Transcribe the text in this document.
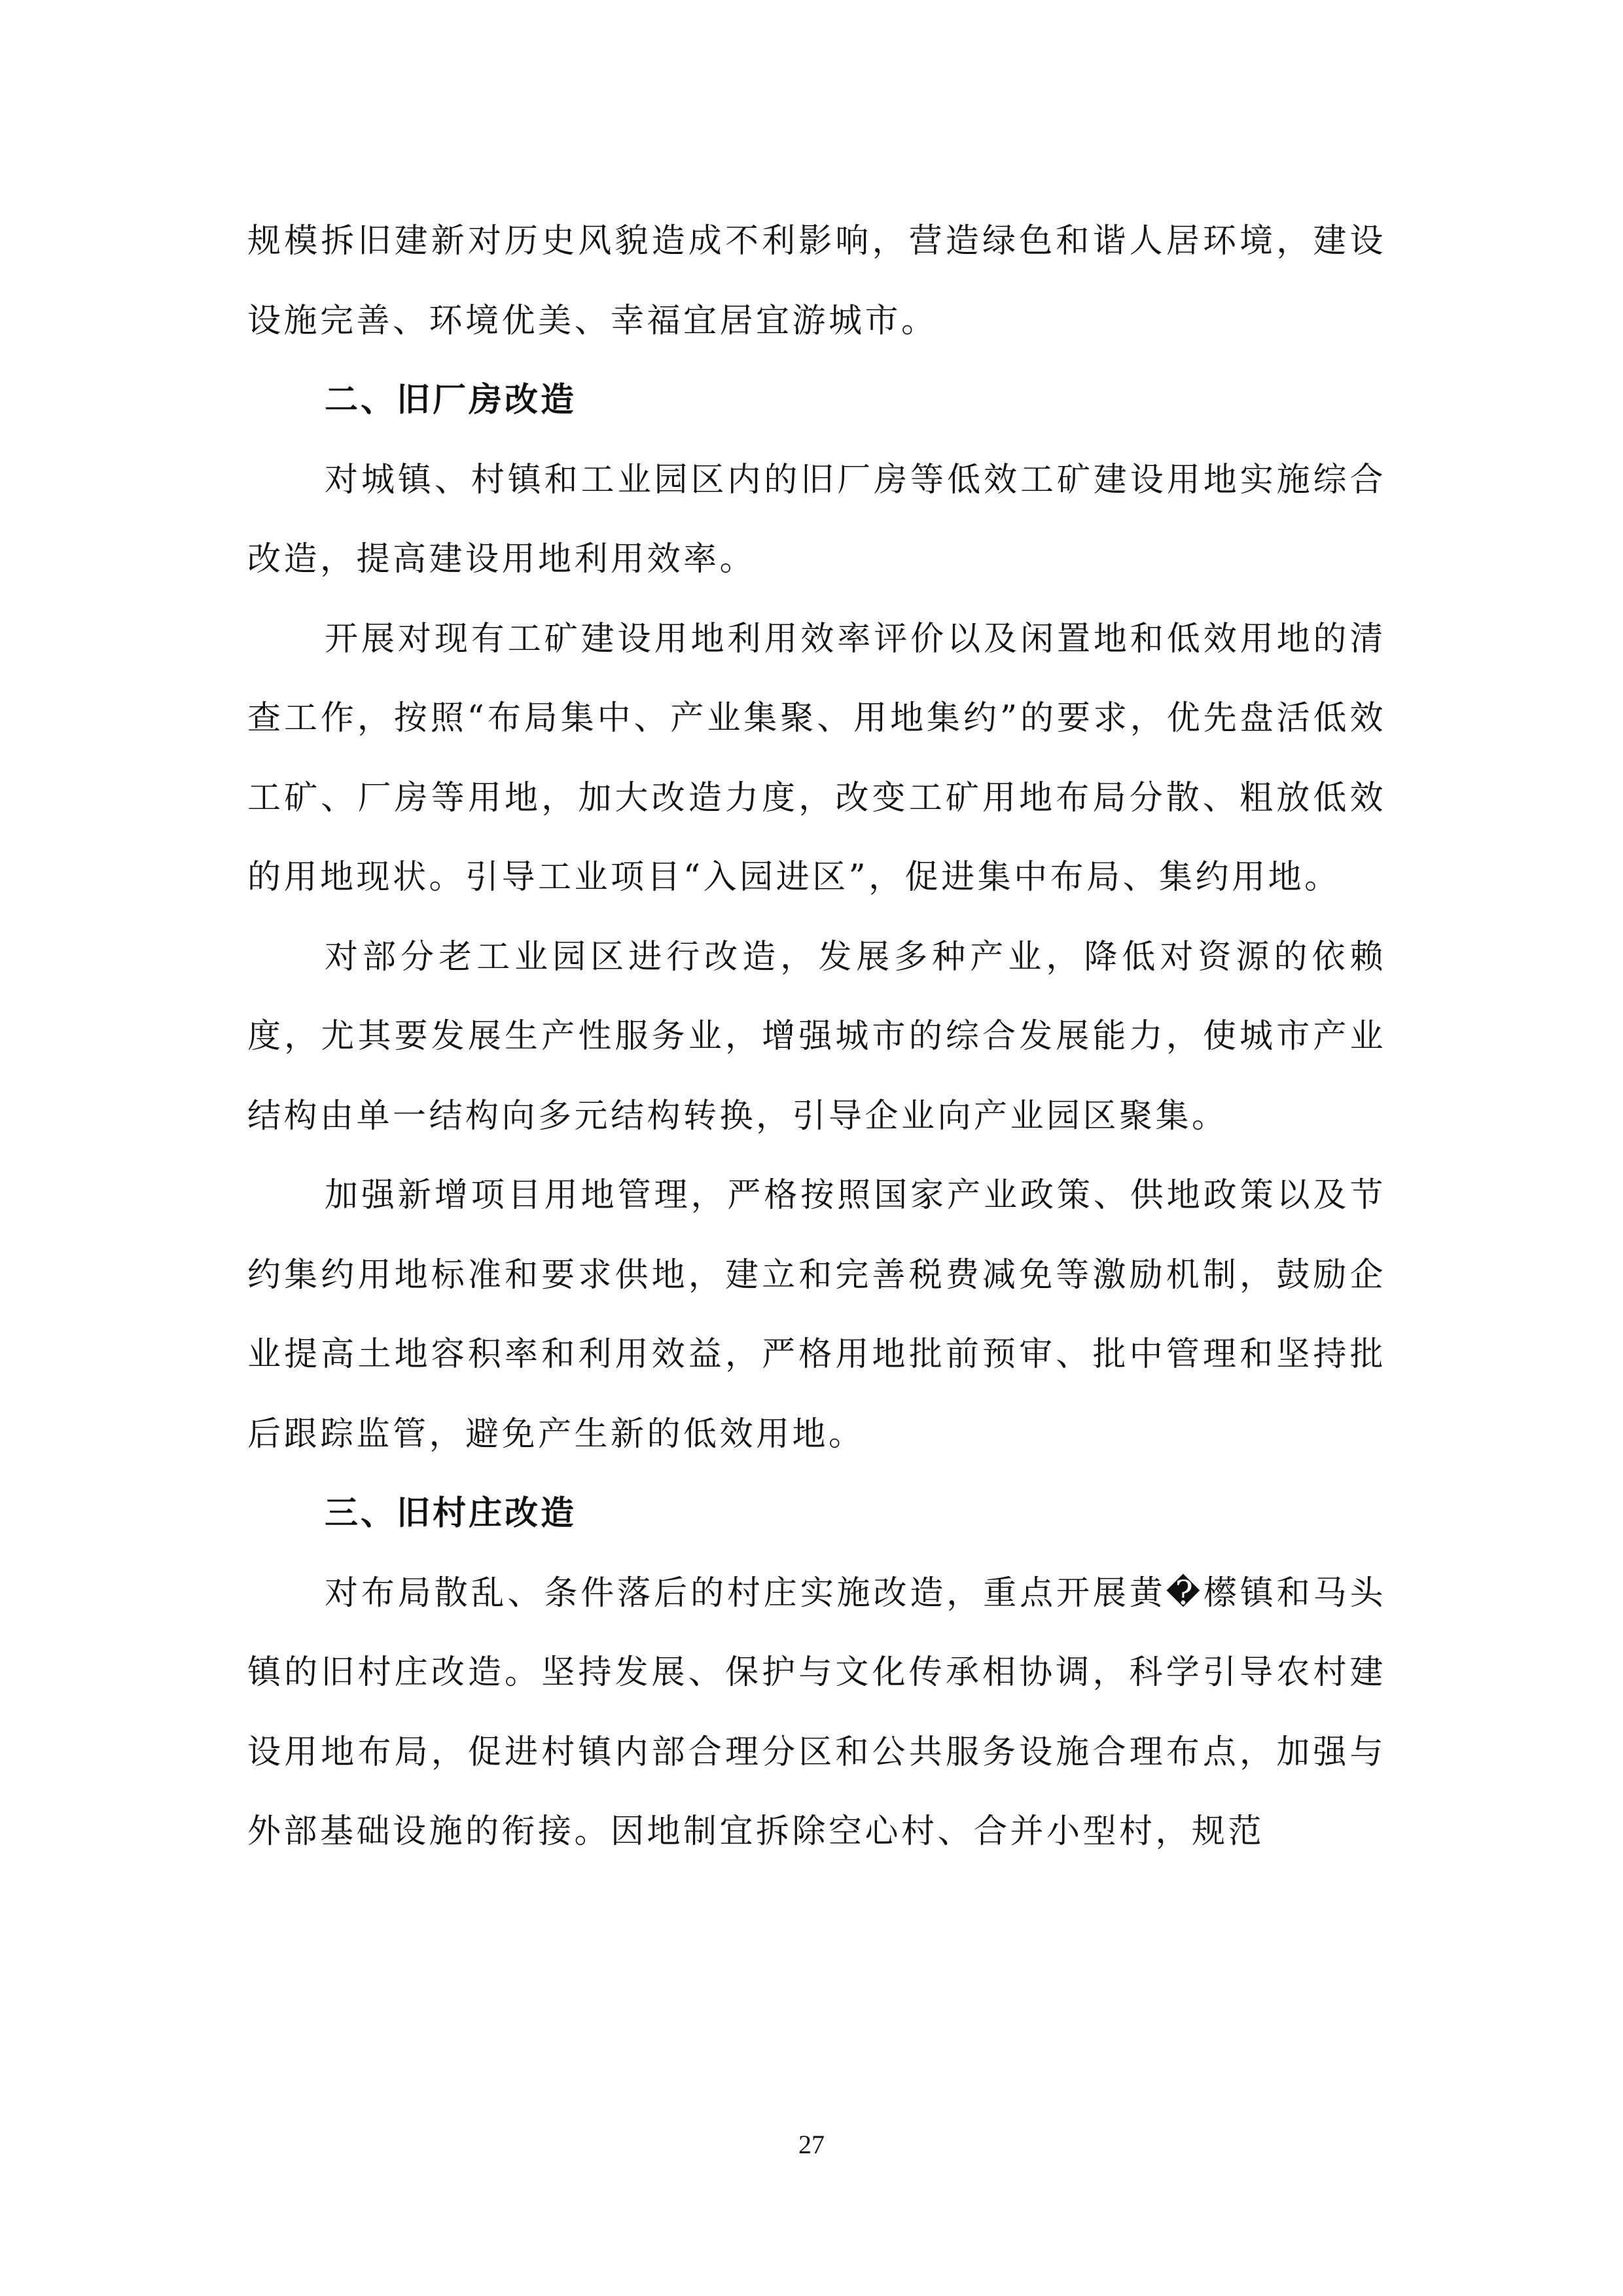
规模拆旧建新对历史风貌造成不利影响，营造绿色和谐人居环境，建设设施完善、环境优美、幸福宜居宜游城市。

二、旧厂房改造

对城镇、村镇和工业园区内的旧厂房等低效工矿建设用地实施综合改造，提高建设用地利用效率。

开展对现有工矿建设用地利用效率评价以及闲置地和低效用地的清查工作，按照“布局集中、产业集聚、用地集约”的要求，优先盘活低效工矿、厂房等用地，加大改造力度，改变工矿用地布局分散、粗放低效的用地现状。引导工业项目“入园进区”，促进集中布局、集约用地。

对部分老工业园区进行改造，发展多种产业，降低对资源的依赖度，尤其要发展生产性服务业，增强城市的综合发展能力，使城市产业结构由单一结构向多元结构转换，引导企业向产业园区聚集。

加强新增项目用地管理，严格按照国家产业政策、供地政策以及节约集约用地标准和要求供地，建立和完善税费减免等激励机制，鼓励企业提高土地容积率和利用效益，严格用地批前预审、批中管理和坚持批后跟踪监管，避免产生新的低效用地。

三、旧村庄改造

对布局散乱、条件落后的村庄实施改造，重点开展黄�櫒镇和马头镇的旧村庄改造。坚持发展、保护与文化传承相协调，科学引导农村建设用地布局，促进村镇内部合理分区和公共服务设施合理布点，加强与外部基础设施的衔接。因地制宜拆除空心村、合并小型村，规范

27
